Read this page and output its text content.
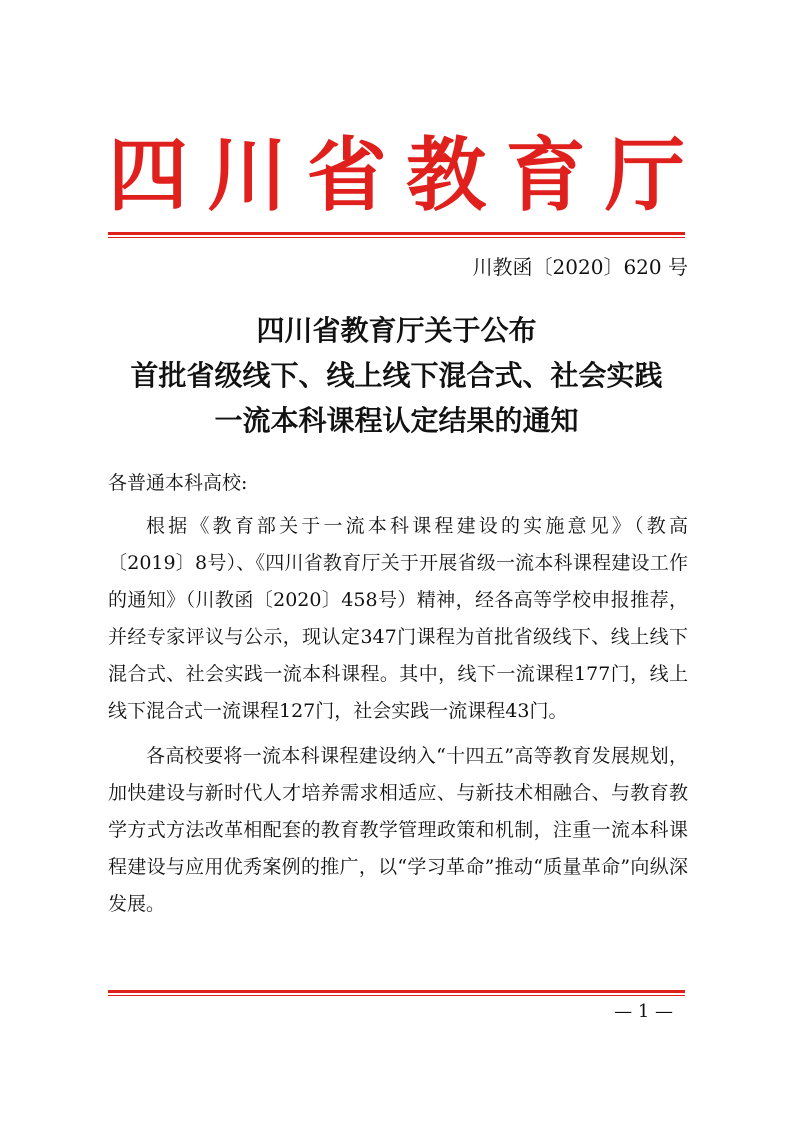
四 川 省 教 育 厅
川教函〔2020〕620 号
四川省教育厅关于公布
首批省级线下、线上线下混合式、社会实践
一流本科课程认定结果的通知
各普通本科高校:

根据《教育部关于一流本科课程建设的实施意见》（教高〔2019〕8号）、《四川省教育厅关于开展省级一流本科课程建设工作的通知》（川教函〔2020〕458号）精神，经各高等学校申报推荐，并经专家评议与公示，现认定347门课程为首批省级线下、线上线下混合式、社会实践一流本科课程。其中，线下一流课程177门，线上线下混合式一流课程127门，社会实践一流课程43门。

各高校要将一流本科课程建设纳入“十四五”高等教育发展规划，加快建设与新时代人才培养需求相适应、与新技术相融合、与教育教学方式方法改革相配套的教育教学管理政策和机制，注重一流本科课程建设与应用优秀案例的推广，以“学习革命”推动“质量革命”向纵深发展。

— 1 —
